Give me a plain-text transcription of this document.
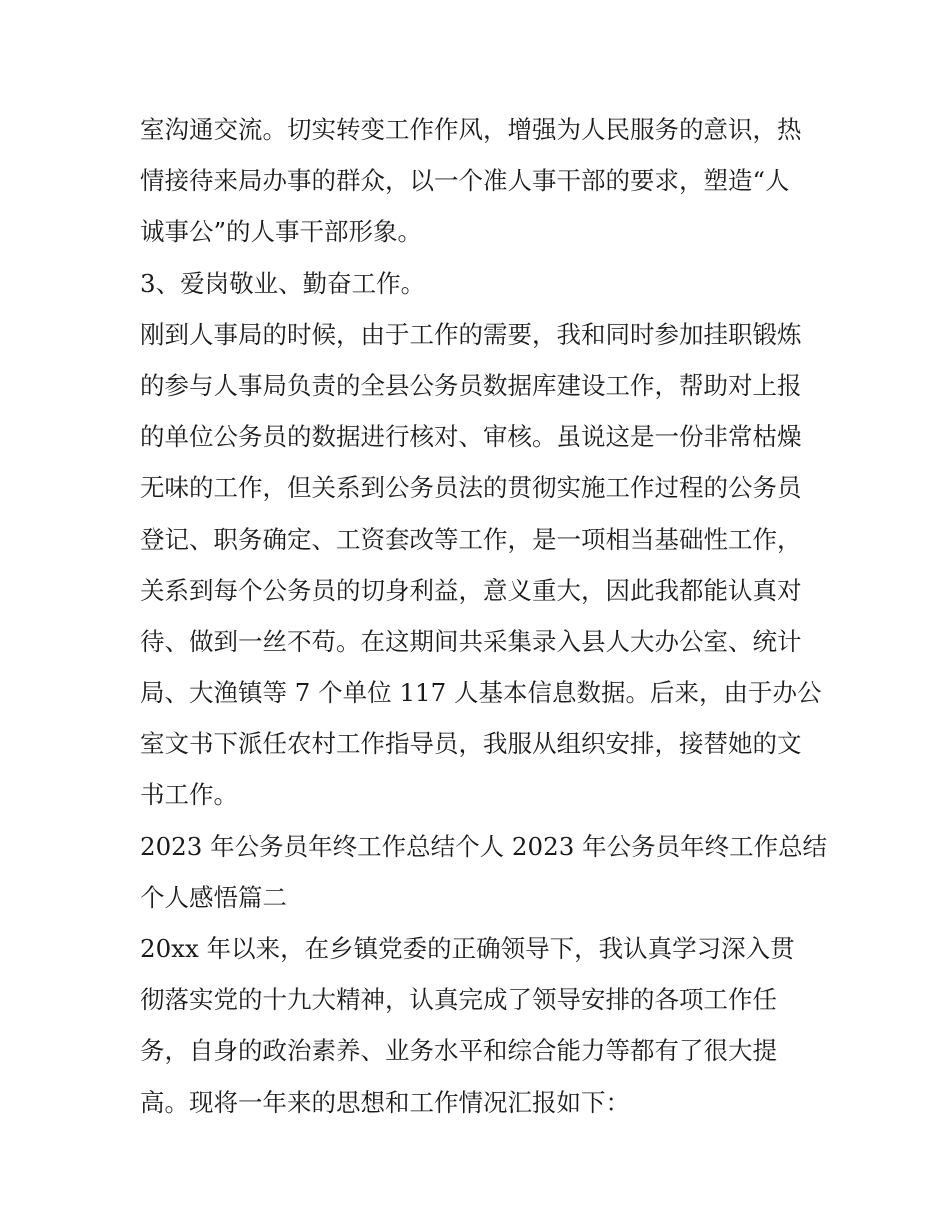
室沟通交流。切实转变工作作风，增强为人民服务的意识，热

情接待来局办事的群众，以一个准人事干部的要求，塑造“人

诚事公”的人事干部形象。

3、爱岗敬业、勤奋工作。

刚到人事局的时候，由于工作的需要，我和同时参加挂职锻炼

的参与人事局负责的全县公务员数据库建设工作，帮助对上报

的单位公务员的数据进行核对、审核。虽说这是一份非常枯燥

无味的工作，但关系到公务员法的贯彻实施工作过程的公务员

登记、职务确定、工资套改等工作，是一项相当基础性工作，

关系到每个公务员的切身利益，意义重大，因此我都能认真对

待、做到一丝不苟。在这期间共采集录入县人大办公室、统计

局、大渔镇等 7 个单位 117 人基本信息数据。后来，由于办公

室文书下派任农村工作指导员，我服从组织安排，接替她的文

书工作。

2023 年公务员年终工作总结个人 2023 年公务员年终工作总结

个人感悟篇二

20xx 年以来，在乡镇党委的正确领导下，我认真学习深入贯

彻落实党的十九大精神，认真完成了领导安排的各项工作任

务，自身的政治素养、业务水平和综合能力等都有了很大提

高。现将一年来的思想和工作情况汇报如下：
